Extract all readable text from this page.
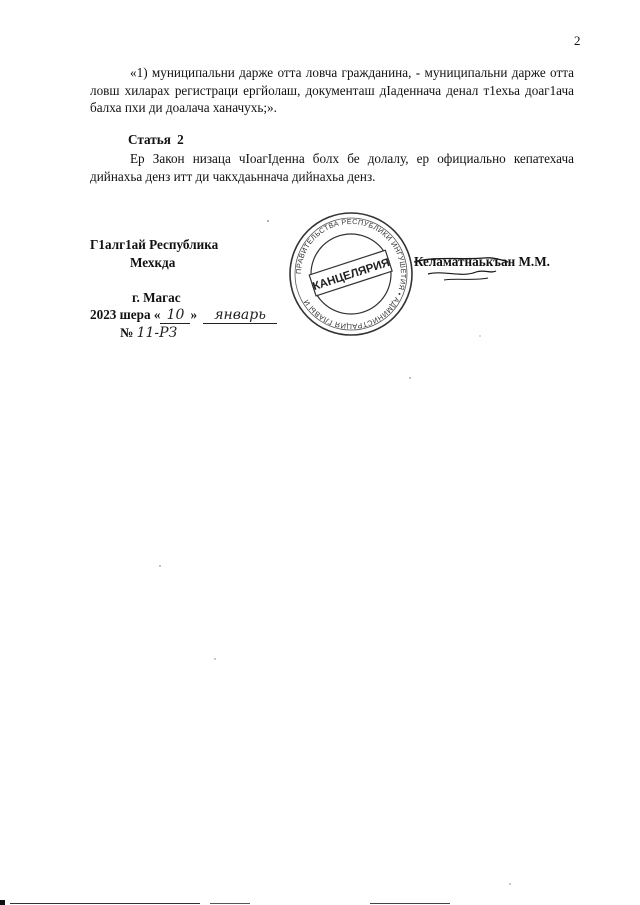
2

«1) муниципальни дарже отта ловча гражданина, - муниципальни дарже отта ловш хиларах регистраци ергйолаш, документаш дIаденнача денал т1ехьа доаг1ача балха пхи ди доалача ханачухь;».

Статья 2

Ер Закон низаца чIоагIденна болх бе долалу, ер официально кепатехача дийнахьа денз итт ди чакхдаьннача дийнахьа денз.

Г1алг1ай Республика
Мехкда
ПРАВИТЕЛЬСТВА РЕСПУБЛИКИ ИНГУШЕТИЯ • АДМИНИСТРАЦИЯ ГЛАВЫ И
КАНЦЕЛЯРИЯ Келаматнаькъан М.М.
г. Магас
2023 шера « 10 » январь
№ 11-РЗ
